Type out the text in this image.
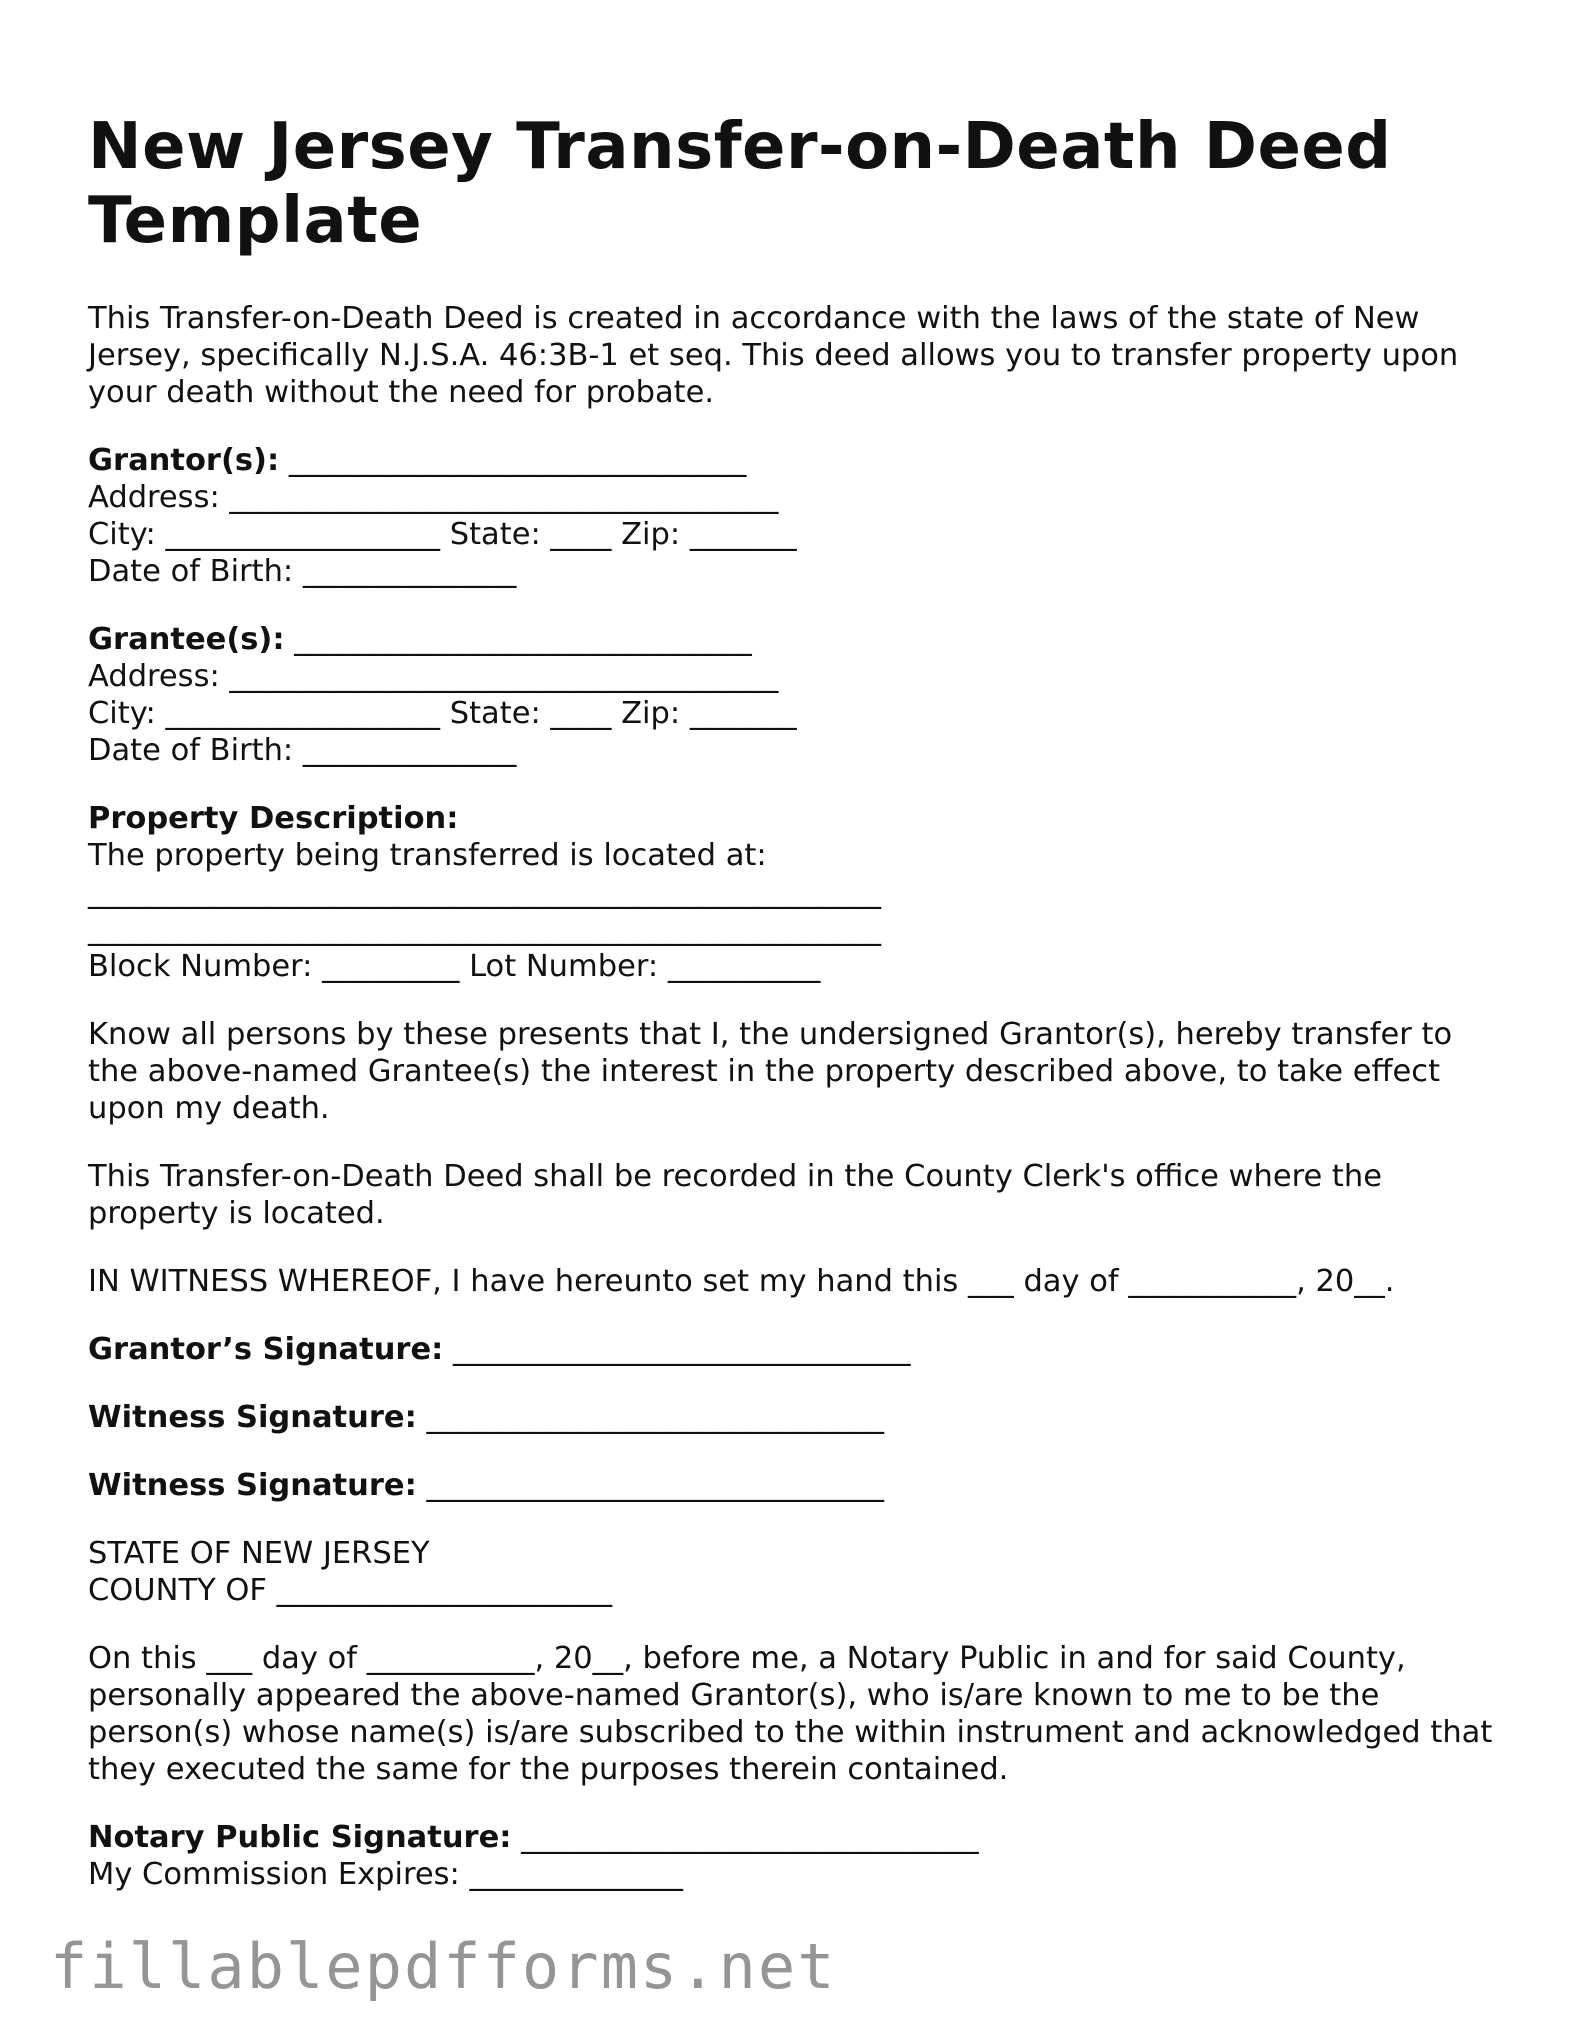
New Jersey Transfer-on-Death Deed Template

This Transfer-on-Death Deed is created in accordance with the laws of the state of New Jersey, specifically N.J.S.A. 46:3B-1 et seq. This deed allows you to transfer property upon your death without the need for probate.

Grantor(s): ______________________________
Address: ____________________________________
City: __________________ State: ____ Zip: _______
Date of Birth: ______________
Grantee(s): ______________________________
Address: ____________________________________
City: __________________ State: ____ Zip: _______
Date of Birth: ______________
Property Description:
The property being transferred is located at:
____________________________________________________
____________________________________________________
Block Number: _________ Lot Number: __________

Know all persons by these presents that I, the undersigned Grantor(s), hereby transfer to the above-named Grantee(s) the interest in the property described above, to take effect upon my death.

This Transfer-on-Death Deed shall be recorded in the County Clerk's office where the property is located.

IN WITNESS WHEREOF, I have hereunto set my hand this ___ day of ___________, 20__.

Grantor’s Signature: ______________________________
Witness Signature: ______________________________
Witness Signature: ______________________________
STATE OF NEW JERSEY
COUNTY OF ______________________

On this ___ day of ___________, 20__, before me, a Notary Public in and for said County, personally appeared the above-named Grantor(s), who is/are known to me to be the person(s) whose name(s) is/are subscribed to the within instrument and acknowledged that they executed the same for the purposes therein contained.

Notary Public Signature: ______________________________
My Commission Expires: ______________
fillablepdfforms.net
